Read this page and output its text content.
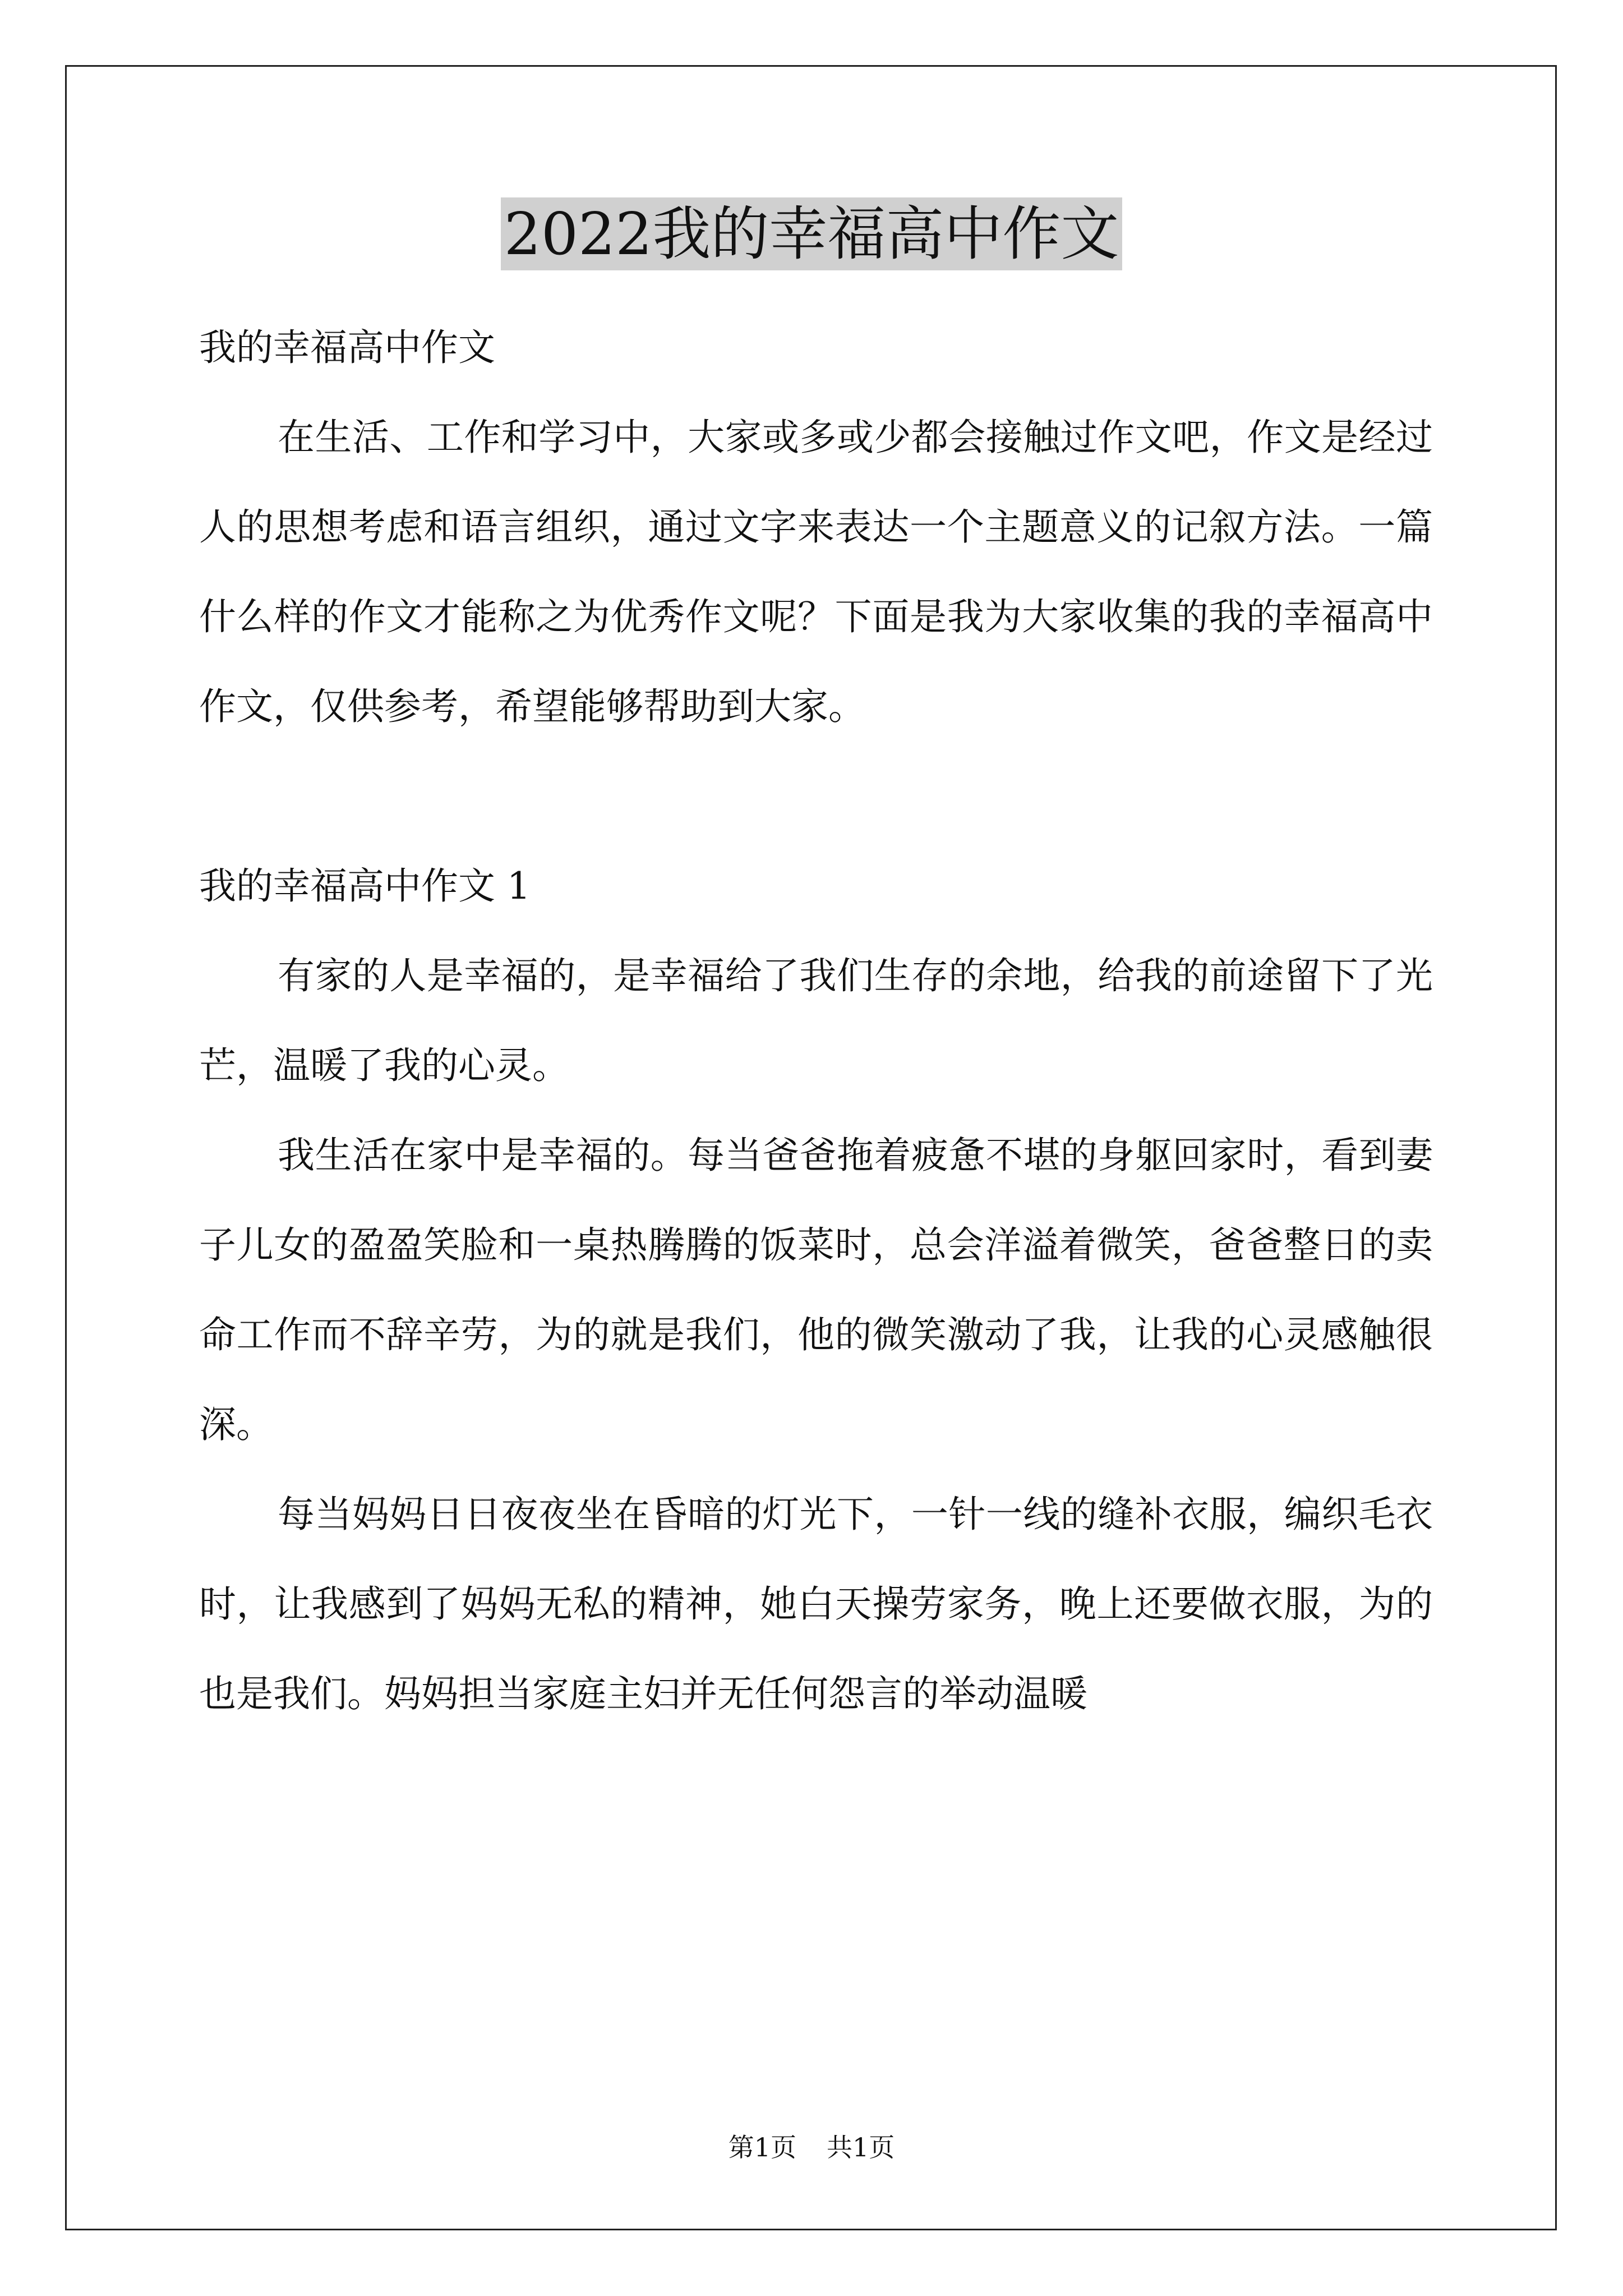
2022我的幸福高中作文

我的幸福高中作文

在生活、工作和学习中，大家或多或少都会接触过作文吧，作文是经过人的思想考虑和语言组织，通过文字来表达一个主题意义的记叙方法。一篇什么样的作文才能称之为优秀作文呢？下面是我为大家收集的我的幸福高中作文，仅供参考，希望能够帮助到大家。

我的幸福高中作文 1

有家的人是幸福的，是幸福给了我们生存的余地，给我的前途留下了光芒，温暖了我的心灵。

我生活在家中是幸福的。每当爸爸拖着疲惫不堪的身躯回家时，看到妻子儿女的盈盈笑脸和一桌热腾腾的饭菜时，总会洋溢着微笑，爸爸整日的卖命工作而不辞辛劳，为的就是我们，他的微笑激动了我，让我的心灵感触很深。

每当妈妈日日夜夜坐在昏暗的灯光下，一针一线的缝补衣服，编织毛衣时，让我感到了妈妈无私的精神，她白天操劳家务，晚上还要做衣服，为的也是我们。妈妈担当家庭主妇并无任何怨言的举动温暖

第1页 共1页
